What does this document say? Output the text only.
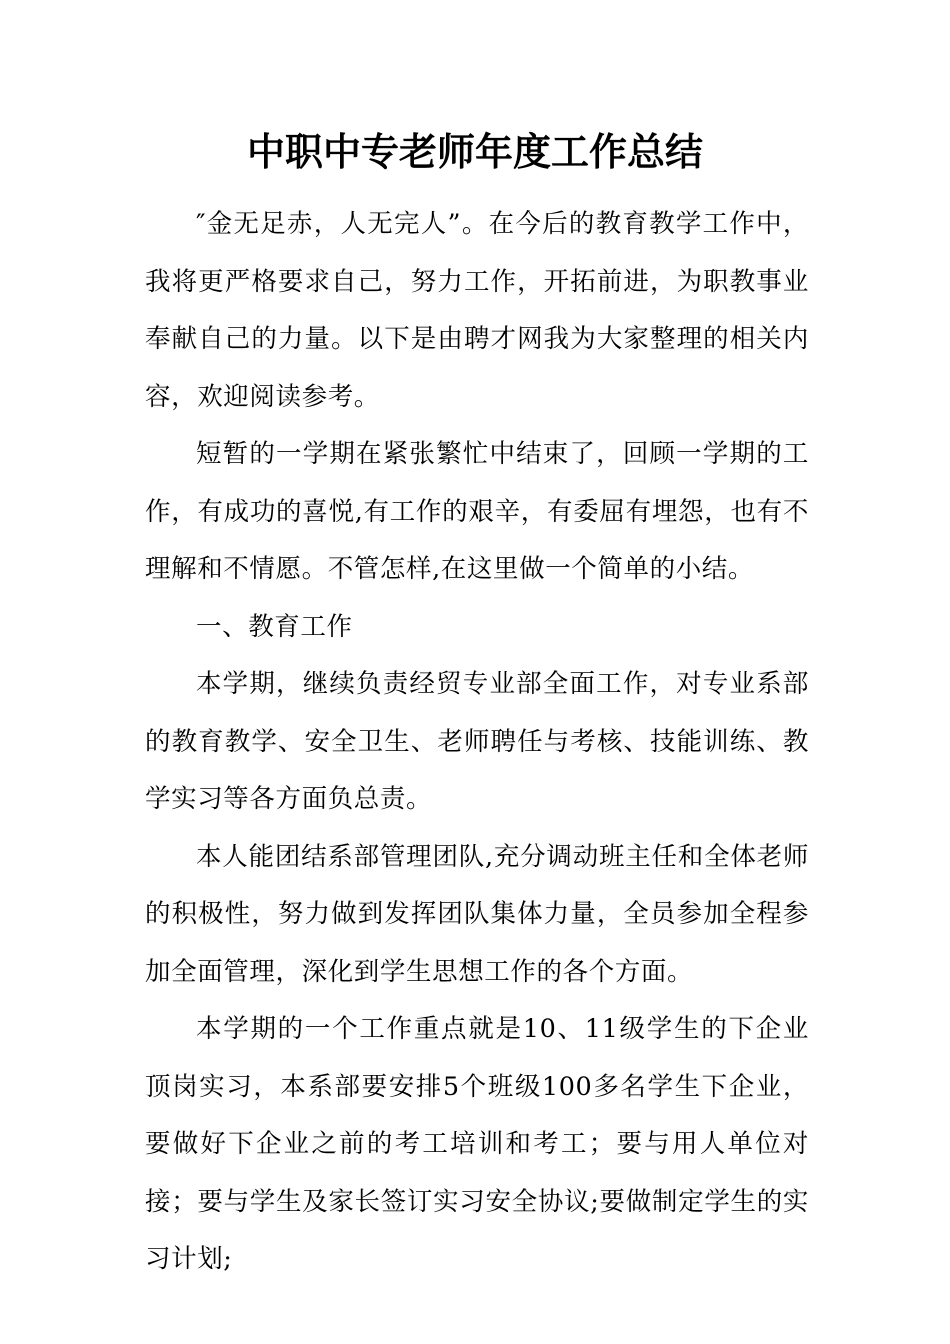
中职中专老师年度工作总结

″金无足赤，人无完人”。在今后的教育教学工作中，我将更严格要求自己，努力工作，开拓前进，为职教事业奉献自己的力量。以下是由聘才网我为大家整理的相关内容，欢迎阅读参考。

短暂的一学期在紧张繁忙中结束了，回顾一学期的工作，有成功的喜悦,有工作的艰辛，有委屈有埋怨，也有不理解和不情愿。不管怎样,在这里做一个简单的小结。

一、教育工作

本学期，继续负责经贸专业部全面工作，对专业系部的教育教学、安全卫生、老师聘任与考核、技能训练、教学实习等各方面负总责。

本人能团结系部管理团队,充分调动班主任和全体老师的积极性，努力做到发挥团队集体力量，全员参加全程参加全面管理，深化到学生思想工作的各个方面。

本学期的一个工作重点就是10、11级学生的下企业顶岗实习，本系部要安排5个班级100多名学生下企业，要做好下企业之前的考工培训和考工；要与用人单位对接；要与学生及家长签订实习安全协议;要做制定学生的实习计划;
